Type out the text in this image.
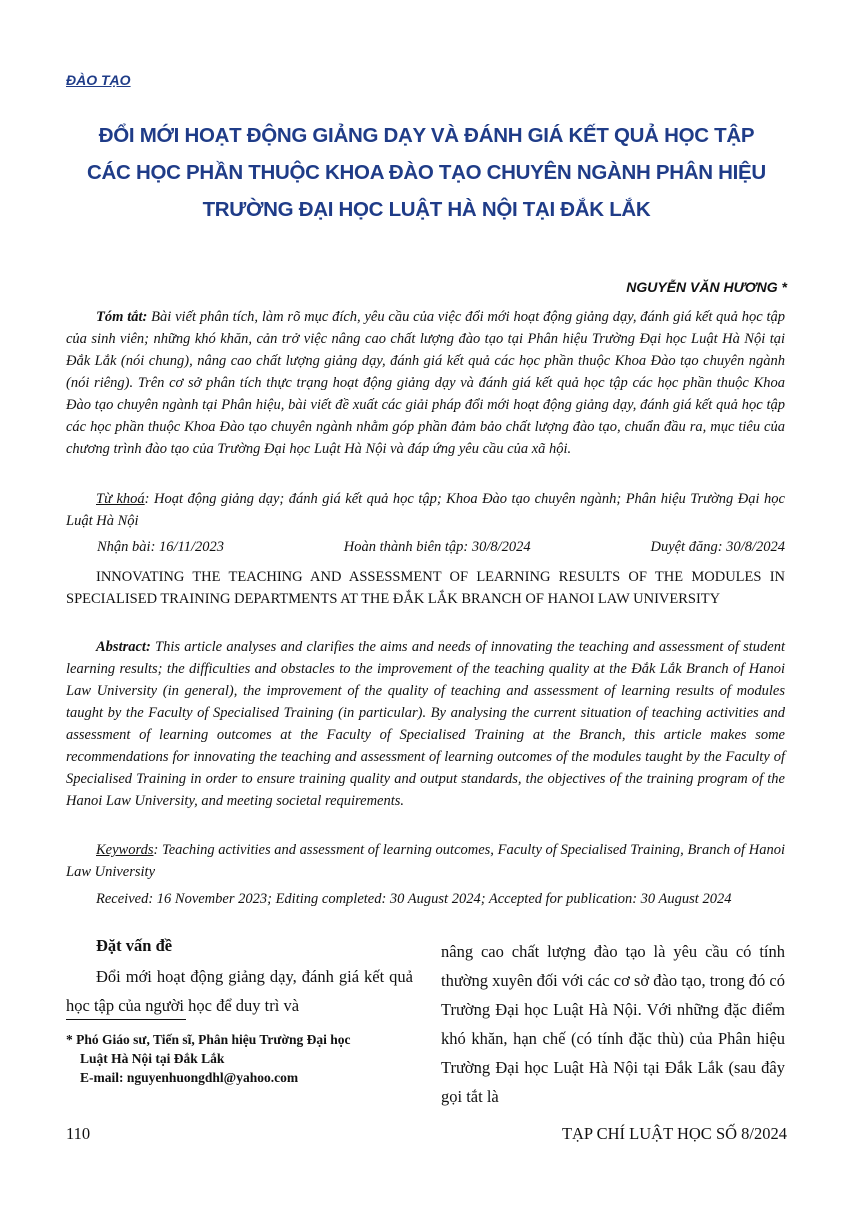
ĐÀO TẠO
ĐỔI MỚI HOẠT ĐỘNG GIẢNG DẠY VÀ ĐÁNH GIÁ KẾT QUẢ HỌC TẬP
CÁC HỌC PHẦN THUỘC KHOA ĐÀO TẠO CHUYÊN NGÀNH PHÂN HIỆU
TRƯỜNG ĐẠI HỌC LUẬT HÀ NỘI TẠI ĐẮK LẮK
NGUYỄN VĂN HƯƠNG *
Tóm tắt: Bài viết phân tích, làm rõ mục đích, yêu cầu của việc đổi mới hoạt động giảng dạy, đánh giá kết quả học tập của sinh viên; những khó khăn, cản trở việc nâng cao chất lượng đào tạo tại Phân hiệu Trường Đại học Luật Hà Nội tại Đắk Lắk (nói chung), nâng cao chất lượng giảng dạy, đánh giá kết quả các học phần thuộc Khoa Đào tạo chuyên ngành (nói riêng). Trên cơ sở phân tích thực trạng hoạt động giảng dạy và đánh giá kết quả học tập các học phần thuộc Khoa Đào tạo chuyên ngành tại Phân hiệu, bài viết đề xuất các giải pháp đổi mới hoạt động giảng dạy, đánh giá kết quả học tập các học phần thuộc Khoa Đào tạo chuyên ngành nhằm góp phần đảm bảo chất lượng đào tạo, chuẩn đầu ra, mục tiêu của chương trình đào tạo của Trường Đại học Luật Hà Nội và đáp ứng yêu cầu của xã hội.
Từ khoá: Hoạt động giảng dạy; đánh giá kết quả học tập; Khoa Đào tạo chuyên ngành; Phân hiệu Trường Đại học Luật Hà Nội
Nhận bài: 16/11/2023	Hoàn thành biên tập: 30/8/2024	Duyệt đăng: 30/8/2024
INNOVATING THE TEACHING AND ASSESSMENT OF LEARNING RESULTS OF THE MODULES IN SPECIALISED TRAINING DEPARTMENTS AT THE ĐẮK LẮK BRANCH OF HANOI LAW UNIVERSITY
Abstract: This article analyses and clarifies the aims and needs of innovating the teaching and assessment of student learning results; the difficulties and obstacles to the improvement of the teaching quality at the Đắk Lắk Branch of Hanoi Law University (in general), the improvement of the quality of teaching and assessment of learning results of modules taught by the Faculty of Specialised Training (in particular). By analysing the current situation of teaching activities and assessment of learning outcomes at the Faculty of Specialised Training at the Branch, this article makes some recommendations for innovating the teaching and assessment of learning outcomes of the modules taught by the Faculty of Specialised Training in order to ensure training quality and output standards, the objectives of the training program of the Hanoi Law University, and meeting societal requirements.
Keywords: Teaching activities and assessment of learning outcomes, Faculty of Specialised Training, Branch of Hanoi Law University
Received: 16 November 2023; Editing completed: 30 August 2024; Accepted for publication: 30 August 2024
Đặt vấn đề
Đổi mới hoạt động giảng dạy, đánh giá kết quả học tập của người học để duy trì và
nâng cao chất lượng đào tạo là yêu cầu có tính thường xuyên đối với các cơ sở đào tạo, trong đó có Trường Đại học Luật Hà Nội. Với những đặc điểm khó khăn, hạn chế (có tính đặc thù) của Phân hiệu Trường Đại học Luật Hà Nội tại Đắk Lắk (sau đây gọi tắt là
* Phó Giáo sư, Tiến sĩ, Phân hiệu Trường Đại học
Luật Hà Nội tại Đắk Lắk
E-mail: nguyenhuongdhl@yahoo.com
110	TẠP CHÍ LUẬT HỌC SỐ 8/2024
